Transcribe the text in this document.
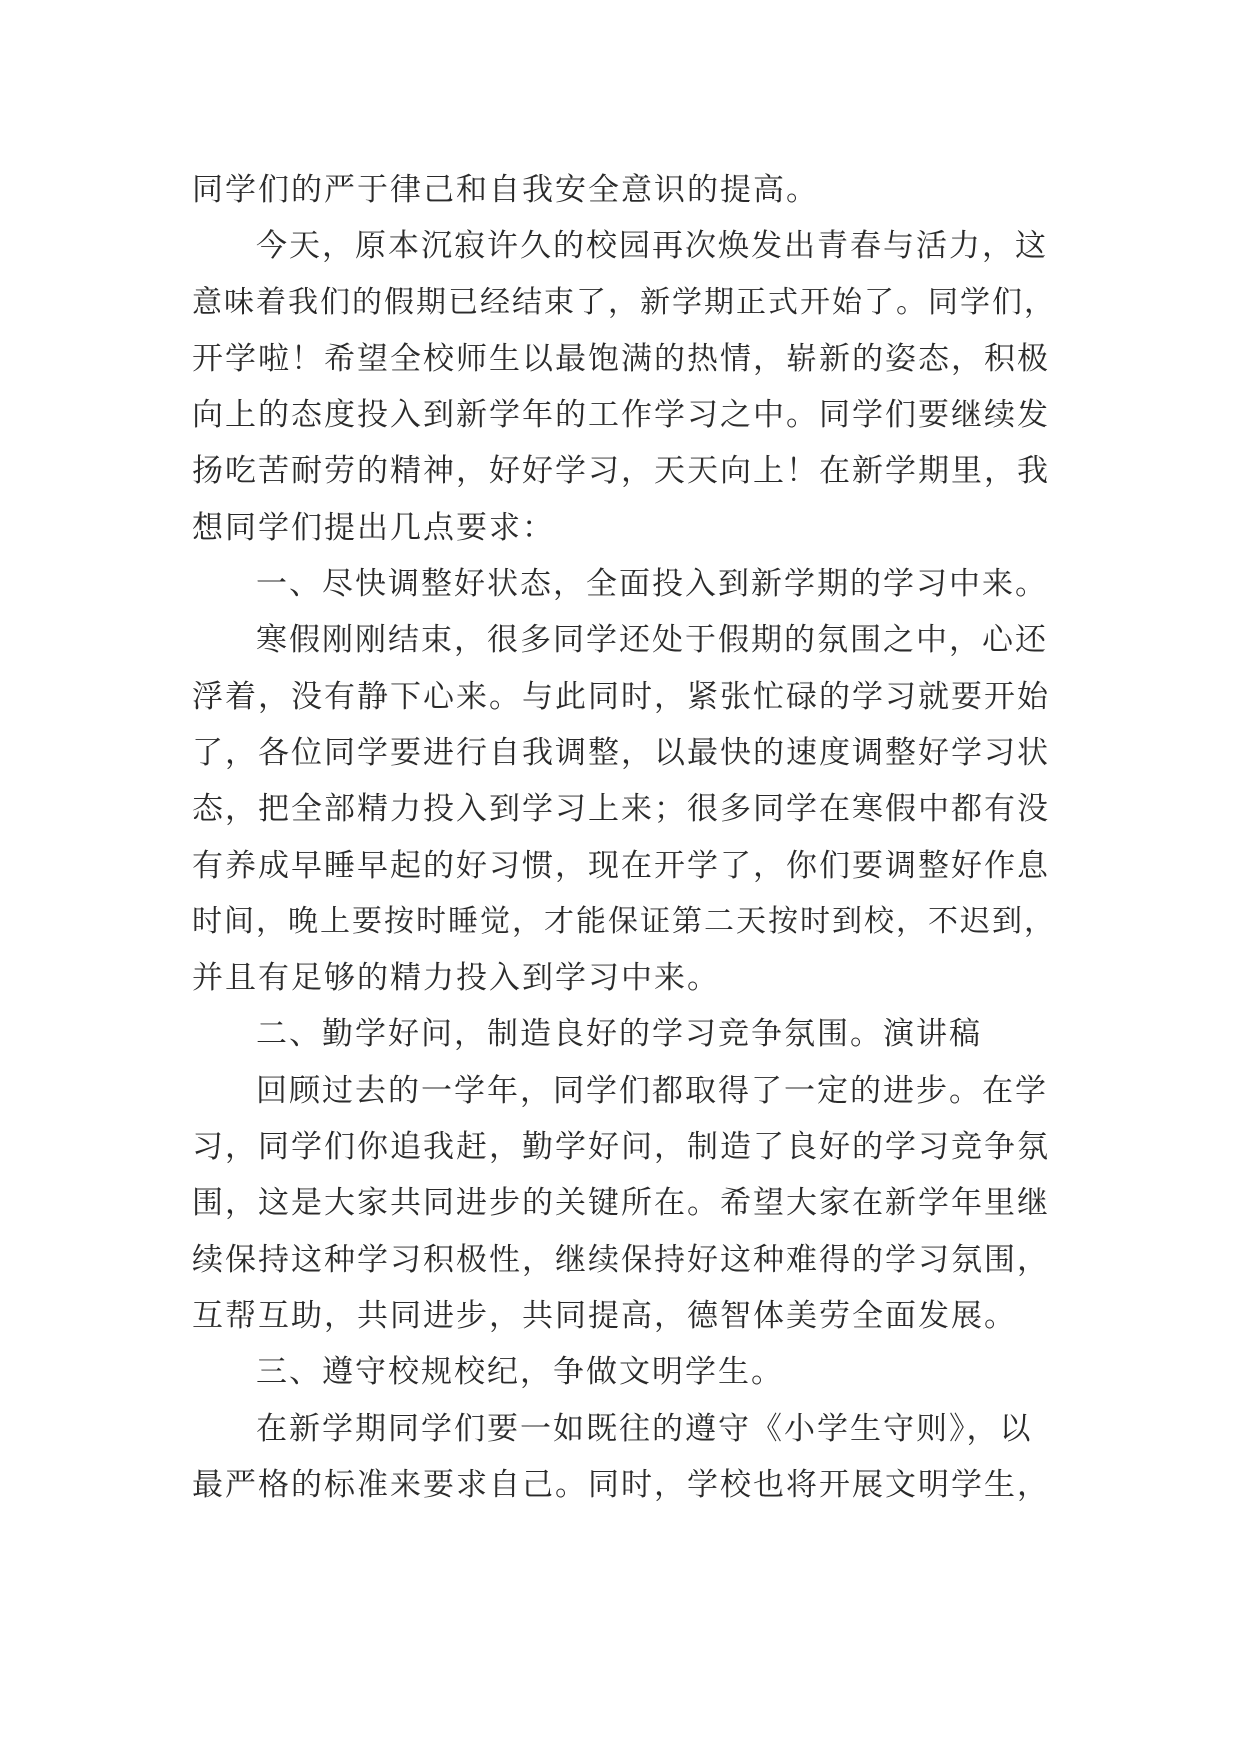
同学们的严于律己和自我安全意识的提高。
今天，原本沉寂许久的校园再次焕发出青春与活力，这
意味着我们的假期已经结束了，新学期正式开始了。同学们，
开学啦！希望全校师生以最饱满的热情，崭新的姿态，积极
向上的态度投入到新学年的工作学习之中。同学们要继续发
扬吃苦耐劳的精神，好好学习，天天向上！在新学期里，我
想同学们提出几点要求：
一、尽快调整好状态，全面投入到新学期的学习中来。
寒假刚刚结束，很多同学还处于假期的氛围之中，心还
浮着，没有静下心来。与此同时，紧张忙碌的学习就要开始
了，各位同学要进行自我调整，以最快的速度调整好学习状
态，把全部精力投入到学习上来；很多同学在寒假中都有没
有养成早睡早起的好习惯，现在开学了，你们要调整好作息
时间，晚上要按时睡觉，才能保证第二天按时到校，不迟到，
并且有足够的精力投入到学习中来。
二、勤学好问，制造良好的学习竞争氛围。演讲稿
回顾过去的一学年，同学们都取得了一定的进步。在学
习，同学们你追我赶，勤学好问，制造了良好的学习竞争氛
围，这是大家共同进步的关键所在。希望大家在新学年里继
续保持这种学习积极性，继续保持好这种难得的学习氛围，
互帮互助，共同进步，共同提高，德智体美劳全面发展。
三、遵守校规校纪，争做文明学生。
在新学期同学们要一如既往的遵守《小学生守则》，以
最严格的标准来要求自己。同时，学校也将开展文明学生，
